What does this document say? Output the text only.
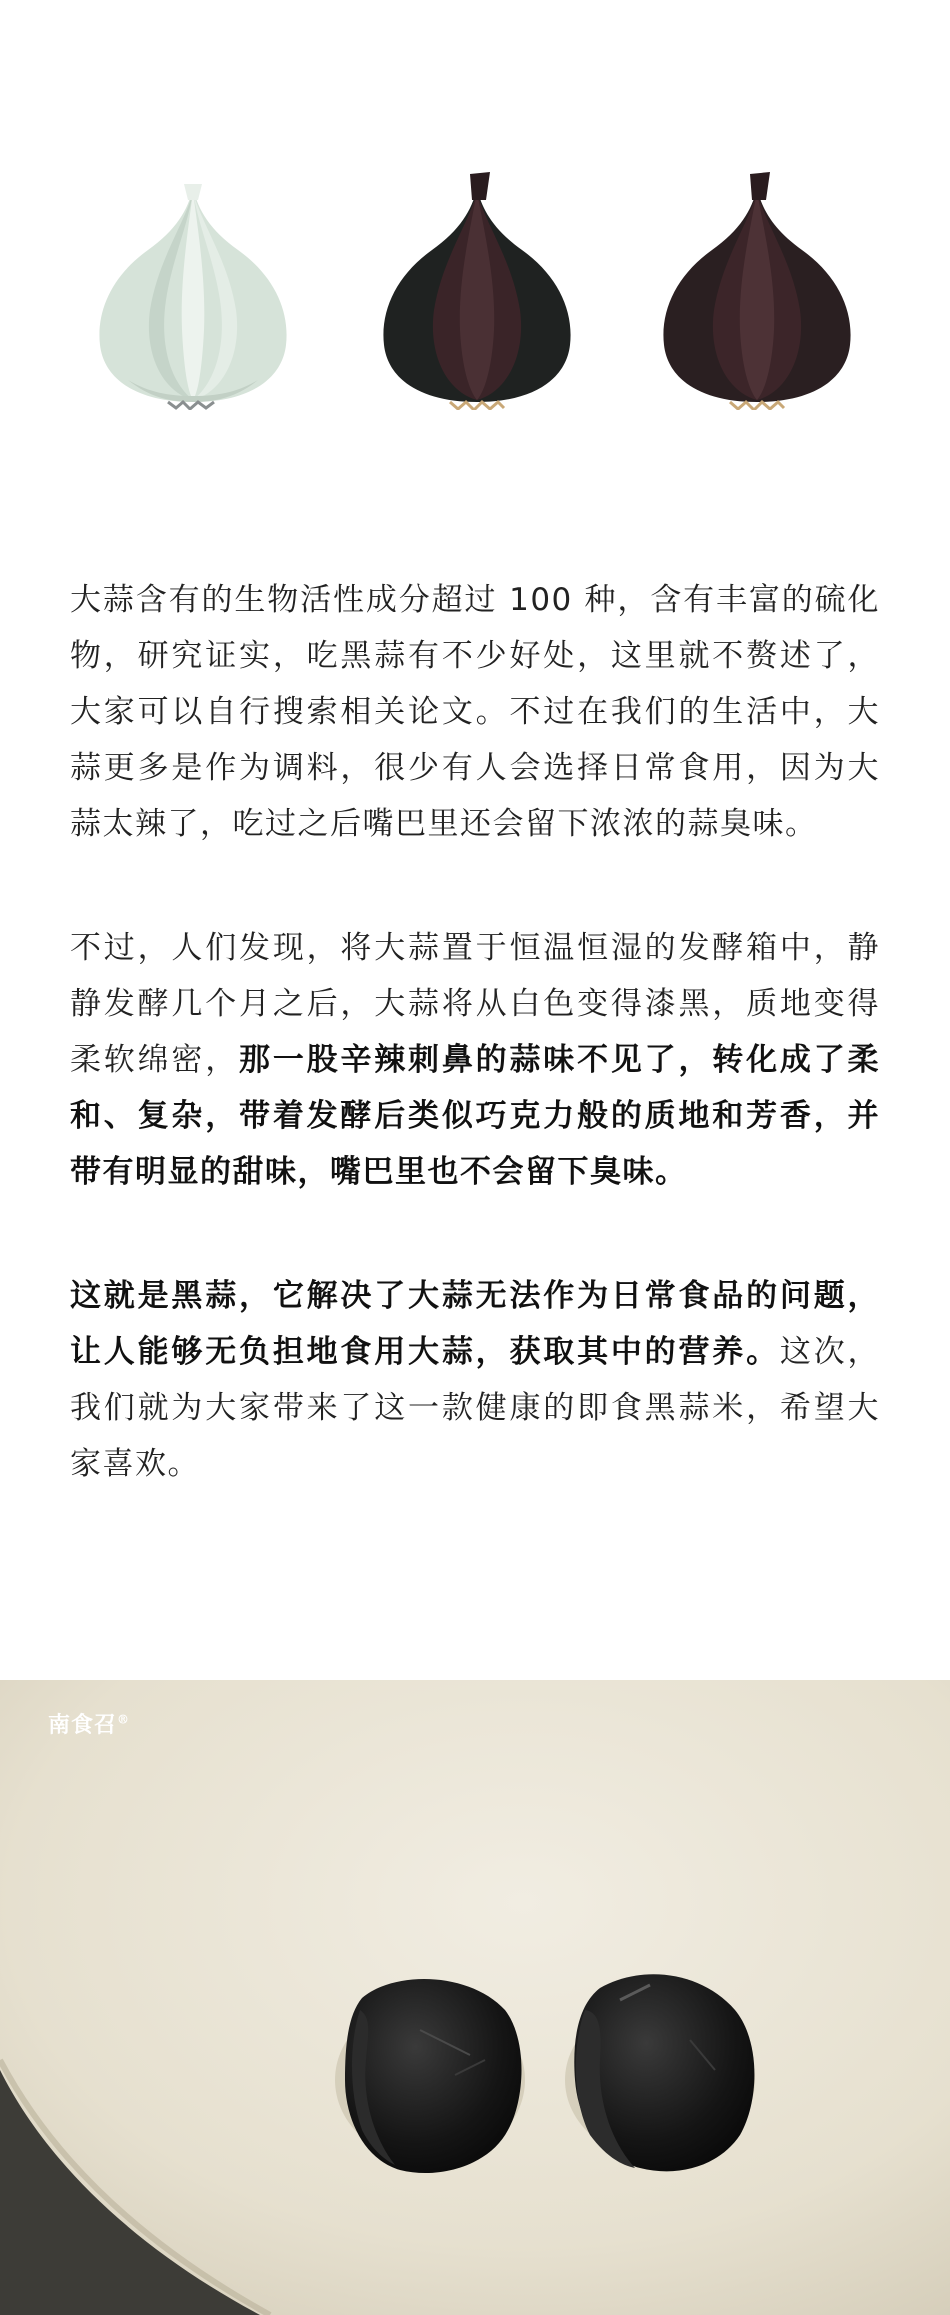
大蒜含有的生物活性成分超过 100 种，含有丰富的硫化物，研究证实，吃黑蒜有不少好处，这里就不赘述了，大家可以自行搜索相关论文。不过在我们的生活中，大蒜更多是作为调料，很少有人会选择日常食用，因为大蒜太辣了，吃过之后嘴巴里还会留下浓浓的蒜臭味。

不过，人们发现，将大蒜置于恒温恒湿的发酵箱中，静静发酵几个月之后，大蒜将从白色变得漆黑，质地变得柔软绵密，那一股辛辣刺鼻的蒜味不见了，转化成了柔和、复杂，带着发酵后类似巧克力般的质地和芳香，并带有明显的甜味，嘴巴里也不会留下臭味。

这就是黑蒜，它解决了大蒜无法作为日常食品的问题，让人能够无负担地食用大蒜，获取其中的营养。这次，我们就为大家带来了这一款健康的即食黑蒜米，希望大家喜欢。

南食召®
